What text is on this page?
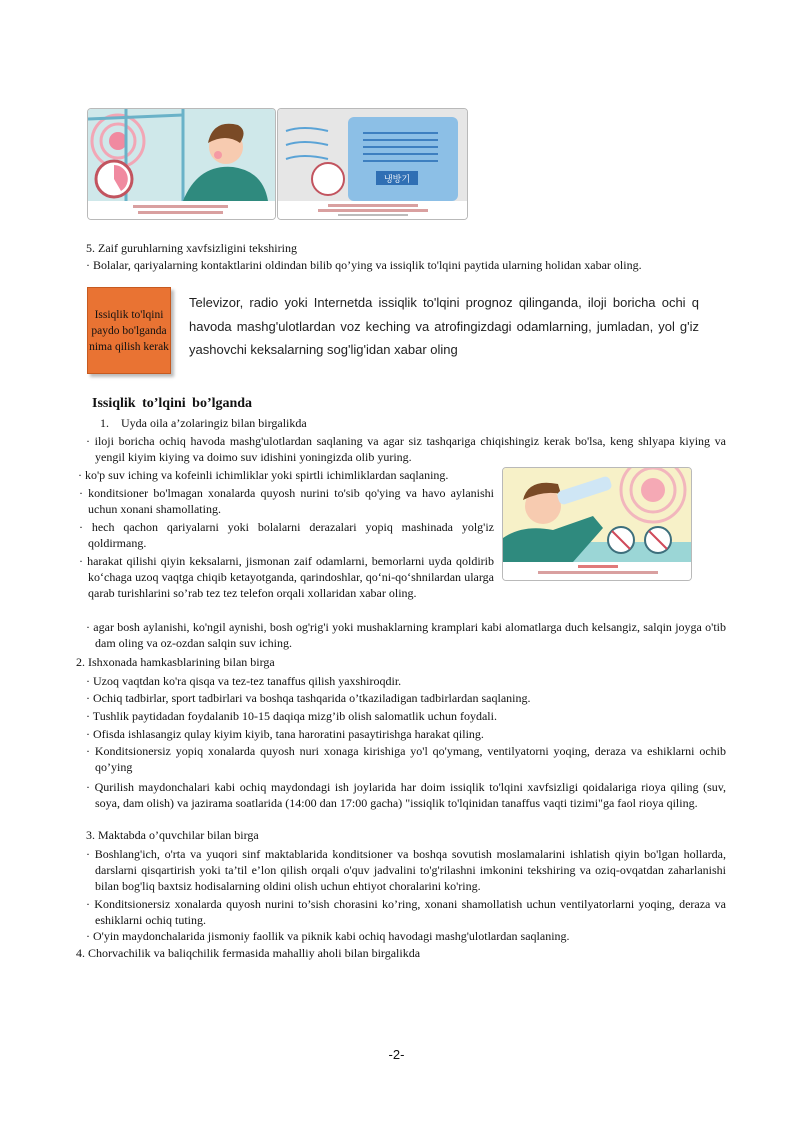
냉방기
5. Zaif guruhlarning xavfsizligini tekshiring
· Bolalar, qariyalarning kontaktlarini oldindan bilib qo’ying va issiqlik to'lqini paytida ularning holidan xabar oling.
Issiqlik to'lqini paydo bo'lganda nima qilish kerak
Televizor, radio yoki Internetda issiqlik to'lqini prognoz qilinganda, iloji boricha ochi q havoda mashg'ulotlardan voz keching va atrofingizdagi odamlarning, jumladan, yol g'iz yashovchi keksalarning sog'lig'idan xabar oling
Issiqlik to’lqini bo’lganda
1.    Uyda oila a’zolaringiz bilan birgalikda
· iloji boricha ochiq havoda mashg'ulotlardan saqlaning va agar siz tashqariga chiqishingiz kerak bo'lsa, keng shlyapa kiying va yengil kiyim kiying va doimo suv idishini yoningizda olib yuring.
· ko'p suv iching va kofeinli ichimliklar yoki spirtli ichimliklardan saqlaning.
· konditsioner bo'lmagan xonalarda quyosh nurini to'sib qo'ying va havo aylanishi uchun xonani shamollating.
· hech qachon qariyalarni yoki bolalarni derazalari yopiq mashinada yolg'iz qoldirmang.
· harakat qilishi qiyin keksalarni, jismonan zaif odamlarni, bemorlarni uyda qoldirib ko‘chaga uzoq vaqtga chiqib ketayotganda, qarindoshlar, qo‘ni-qo‘shnilardan ularga qarab turishlarini so’rab tez tez telefon orqali xollaridan xabar oling.
· agar bosh aylanishi, ko'ngil aynishi, bosh og'rig'i yoki mushaklarning kramplari kabi alomatlarga duch kelsangiz, salqin joyga o'tib dam oling va oz-ozdan salqin suv iching.
2. Ishxonada hamkasblarining bilan birga
· Uzoq vaqtdan ko'ra qisqa va tez-tez tanaffus qilish yaxshiroqdir.
· Ochiq tadbirlar, sport tadbirlari va boshqa tashqarida o’tkaziladigan tadbirlardan saqlaning.
· Tushlik paytidadan foydalanib 10-15 daqiqa mizg’ib olish salomatlik uchun foydali.
· Ofisda ishlasangiz qulay kiyim kiyib, tana haroratini pasaytirishga harakat qiling.
· Konditsionersiz yopiq xonalarda quyosh nuri xonaga kirishiga yo'l qo'ymang, ventilyatorni yoqing, deraza va eshiklarni ochib qo’ying
· Qurilish maydonchalari kabi ochiq maydondagi ish joylarida har doim issiqlik to'lqini xavfsizligi qoidalariga rioya qiling (suv, soya, dam olish) va jazirama soatlarida (14:00 dan 17:00 gacha) "issiqlik to'lqinidan tanaffus vaqti tizimi"ga faol rioya qiling.
3. Maktabda o’quvchilar bilan birga
· Boshlang'ich, o'rta va yuqori sinf maktablarida konditsioner va boshqa sovutish moslamalarini ishlatish qiyin bo'lgan hollarda, darslarni qisqartirish yoki ta’til e’lon qilish orqali o'quv jadvalini to'g'rilashni imkonini tekshiring va oziq-ovqatdan zaharlanishi bilan bog'liq baxtsiz hodisalarning oldini olish uchun ehtiyot choralarini ko'ring.
· Konditsionersiz xonalarda quyosh nurini to’sish chorasini ko’ring, xonani shamollatish uchun ventilyatorlarni yoqing, deraza va eshiklarni ochiq tuting.
· O'yin maydonchalarida jismoniy faollik va piknik kabi ochiq havodagi mashg'ulotlardan saqlaning.
4. Chorvachilik va baliqchilik fermasida mahalliy aholi bilan birgalikda
-2-
